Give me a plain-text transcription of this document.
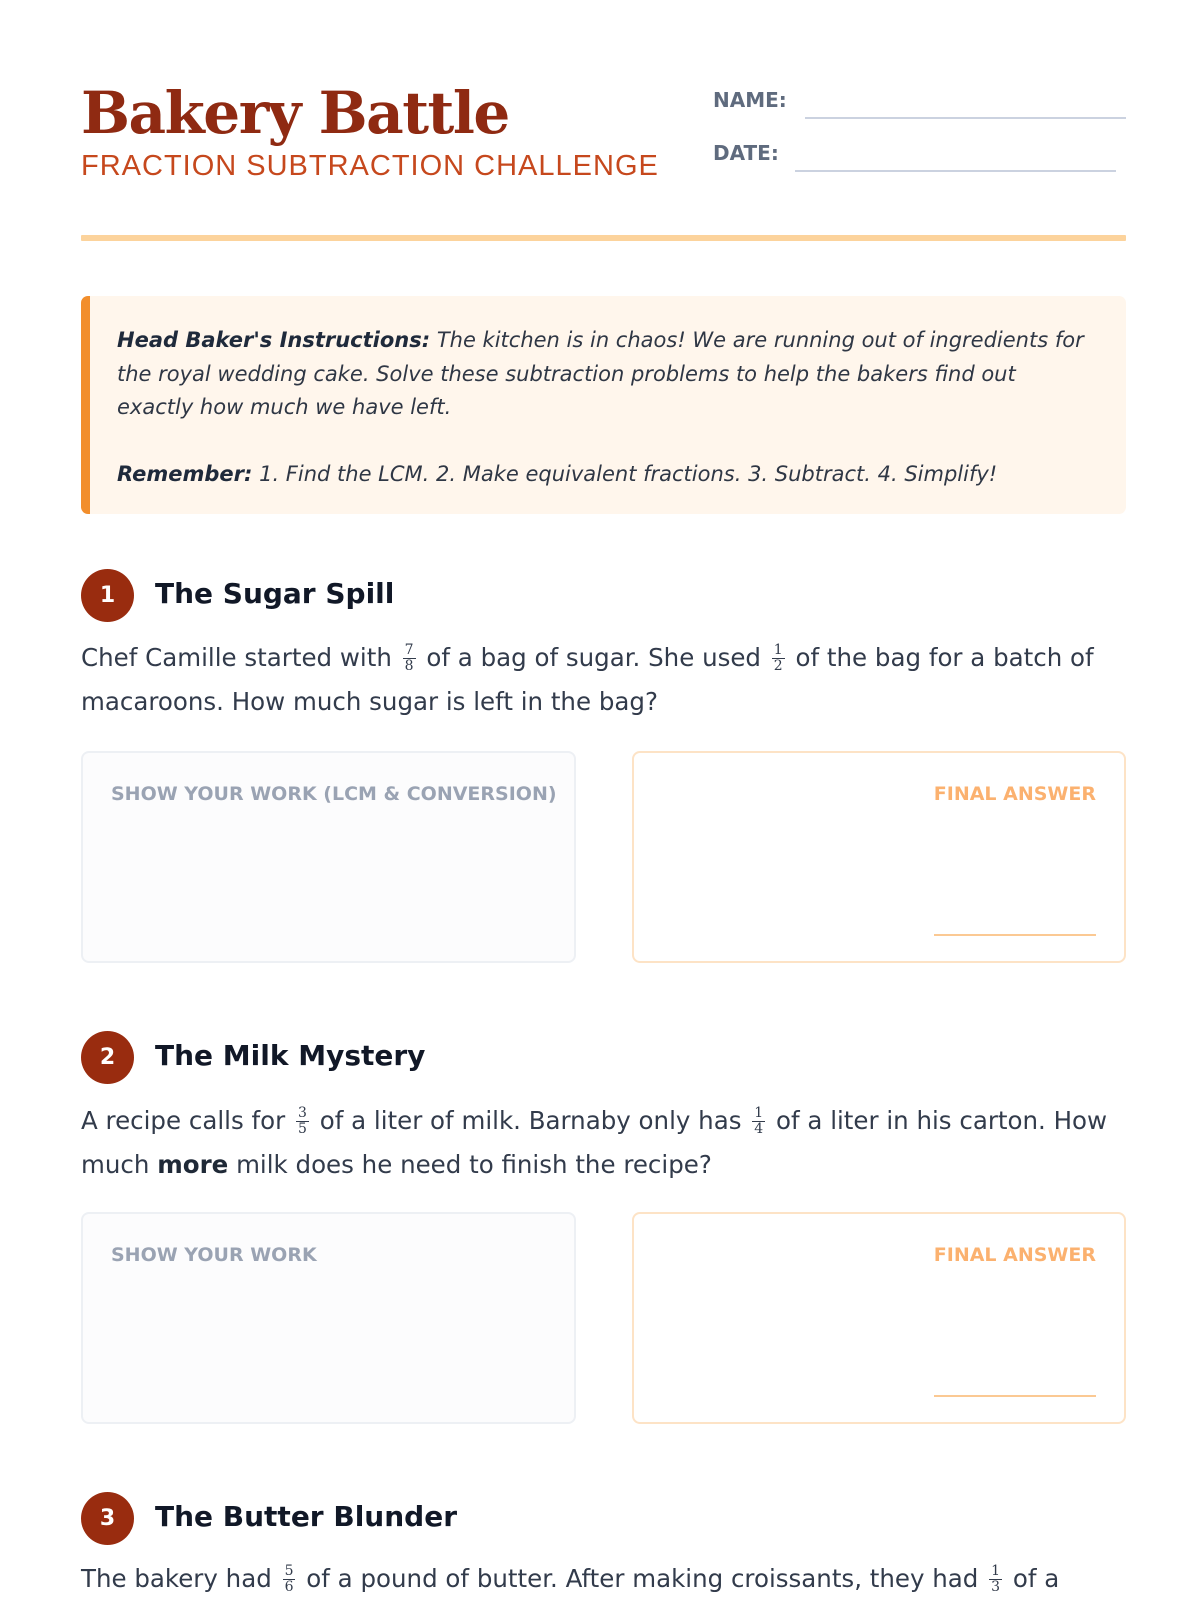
Bakery Battle
FRACTION SUBTRACTION CHALLENGE
NAME:
DATE:

Head Baker's Instructions: The kitchen is in chaos! We are running out of ingredients for the royal wedding cake. Solve these subtraction problems to help the bakers find out exactly how much we have left.

Remember: 1. Find the LCM. 2. Make equivalent fractions. 3. Subtract. 4. Simplify!

1	The Sugar Spill

Chef Camille started with $\frac{7}{8}$ of a bag of sugar. She used $\frac{1}{2}$ of the bag for a batch of macaroons. How much sugar is left in the bag?

SHOW YOUR WORK (LCM & CONVERSION)	FINAL ANSWER
2	The Milk Mystery

A recipe calls for $\frac{3}{5}$ of a liter of milk. Barnaby only has $\frac{1}{4}$ of a liter in his carton. How much more milk does he need to finish the recipe?

SHOW YOUR WORK	FINAL ANSWER
3	The Butter Blunder

The bakery had $\frac{5}{6}$ of a pound of butter. After making croissants, they had $\frac{1}{3}$ of a
